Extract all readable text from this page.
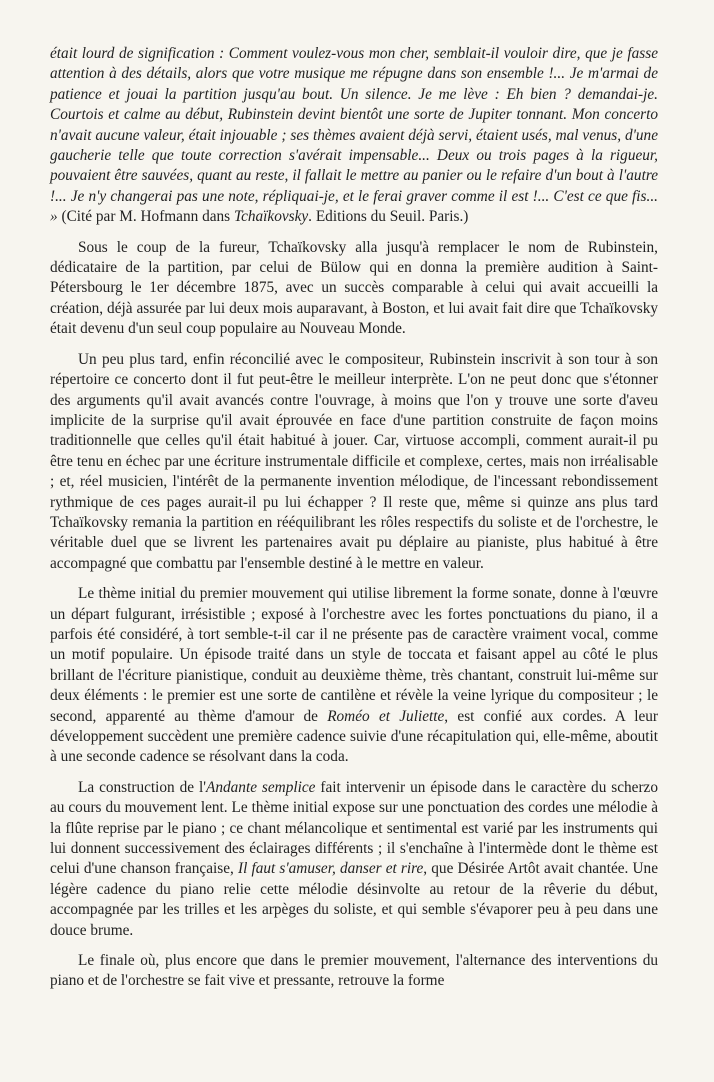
était lourd de signification : Comment voulez-vous mon cher, semblait-il vouloir dire, que je fasse attention à des détails, alors que votre musique me répugne dans son ensemble !... Je m'armai de patience et jouai la partition jusqu'au bout. Un silence. Je me lève : Eh bien ? demandai-je. Courtois et calme au début, Rubinstein devint bientôt une sorte de Jupiter tonnant. Mon concerto n'avait aucune valeur, était injouable ; ses thèmes avaient déjà servi, étaient usés, mal venus, d'une gaucherie telle que toute correction s'avérait impensable... Deux ou trois pages à la rigueur, pouvaient être sauvées, quant au reste, il fallait le mettre au panier ou le refaire d'un bout à l'autre !... Je n'y changerai pas une note, répliquai-je, et le ferai graver comme il est !... C'est ce que fis... » (Cité par M. Hofmann dans Tchaïkovsky. Editions du Seuil. Paris.)

Sous le coup de la fureur, Tchaïkovsky alla jusqu'à remplacer le nom de Rubinstein, dédicataire de la partition, par celui de Bülow qui en donna la première audition à Saint-Pétersbourg le 1er décembre 1875, avec un succès comparable à celui qui avait accueilli la création, déjà assurée par lui deux mois auparavant, à Boston, et lui avait fait dire que Tchaïkovsky était devenu d'un seul coup populaire au Nouveau Monde.

Un peu plus tard, enfin réconcilié avec le compositeur, Rubinstein inscrivit à son tour à son répertoire ce concerto dont il fut peut-être le meilleur interprète. L'on ne peut donc que s'étonner des arguments qu'il avait avancés contre l'ouvrage, à moins que l'on y trouve une sorte d'aveu implicite de la surprise qu'il avait éprouvée en face d'une partition construite de façon moins traditionnelle que celles qu'il était habitué à jouer. Car, virtuose accompli, comment aurait-il pu être tenu en échec par une écriture instrumentale difficile et complexe, certes, mais non irréalisable ; et, réel musicien, l'intérêt de la permanente invention mélodique, de l'incessant rebondissement rythmique de ces pages aurait-il pu lui échapper ? Il reste que, même si quinze ans plus tard Tchaïkovsky remania la partition en rééquilibrant les rôles respectifs du soliste et de l'orchestre, le véritable duel que se livrent les partenaires avait pu déplaire au pianiste, plus habitué à être accompagné que combattu par l'ensemble destiné à le mettre en valeur.

Le thème initial du premier mouvement qui utilise librement la forme sonate, donne à l'œuvre un départ fulgurant, irrésistible ; exposé à l'orchestre avec les fortes ponctuations du piano, il a parfois été considéré, à tort semble-t-il car il ne présente pas de caractère vraiment vocal, comme un motif populaire. Un épisode traité dans un style de toccata et faisant appel au côté le plus brillant de l'écriture pianistique, conduit au deuxième thème, très chantant, construit lui-même sur deux éléments : le premier est une sorte de cantilène et révèle la veine lyrique du compositeur ; le second, apparenté au thème d'amour de Roméo et Juliette, est confié aux cordes. A leur développement succèdent une première cadence suivie d'une récapitulation qui, elle-même, aboutit à une seconde cadence se résolvant dans la coda.

La construction de l'Andante semplice fait intervenir un épisode dans le caractère du scherzo au cours du mouvement lent. Le thème initial expose sur une ponctuation des cordes une mélodie à la flûte reprise par le piano ; ce chant mélancolique et sentimental est varié par les instruments qui lui donnent successivement des éclairages différents ; il s'enchaîne à l'intermède dont le thème est celui d'une chanson française, Il faut s'amuser, danser et rire, que Désirée Artôt avait chantée. Une légère cadence du piano relie cette mélodie désinvolte au retour de la rêverie du début, accompagnée par les trilles et les arpèges du soliste, et qui semble s'évaporer peu à peu dans une douce brume.

Le finale où, plus encore que dans le premier mouvement, l'alternance des interventions du piano et de l'orchestre se fait vive et pressante, retrouve la forme
